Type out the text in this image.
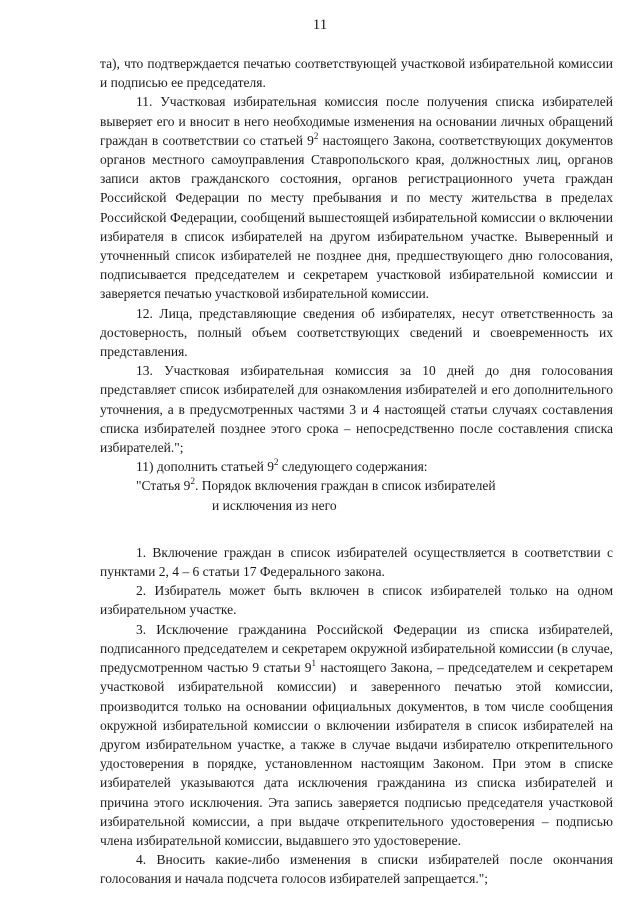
11

та), что подтверждается печатью соответствующей участковой избирательной комиссии и подписью ее председателя.

11. Участковая избирательная комиссия после получения списка избирателей выверяет его и вносит в него необходимые изменения на основании личных обращений граждан в соответствии со статьей $9^2$ настоящего Закона, соответствующих документов органов местного самоуправления Ставропольского края, должностных лиц, органов записи актов гражданского состояния, органов регистрационного учета граждан Российской Федерации по месту пребывания и по месту жительства в пределах Российской Федерации, сообщений вышестоящей избирательной комиссии о включении избирателя в список избирателей на другом избирательном участке. Выверенный и уточненный список избирателей не позднее дня, предшествующего дню голосования, подписывается председателем и секретарем участковой избирательной комиссии и заверяется печатью участковой избирательной комиссии.

12. Лица, представляющие сведения об избирателях, несут ответственность за достоверность, полный объем соответствующих сведений и своевременность их представления.

13. Участковая избирательная комиссия за 10 дней до дня голосования представляет список избирателей для ознакомления избирателей и его дополнительного уточнения, а в предусмотренных частями 3 и 4 настоящей статьи случаях составления списка избирателей позднее этого срока – непосредственно после составления списка избирателей.";

11) дополнить статьей $9^2$ следующего содержания:

"Статья $9^2$. Порядок включения граждан в список избирателей
и исключения из него

1. Включение граждан в список избирателей осуществляется в соответствии с пунктами 2, 4 – 6 статьи 17 Федерального закона.

2. Избиратель может быть включен в список избирателей только на одном избирательном участке.

3. Исключение гражданина Российской Федерации из списка избирателей, подписанного председателем и секретарем окружной избирательной комиссии (в случае, предусмотренном частью 9 статьи $9^1$ настоящего Закона, – председателем и секретарем участковой избирательной комиссии) и заверенного печатью этой комиссии, производится только на основании официальных документов, в том числе сообщения окружной избирательной комиссии о включении избирателя в список избирателей на другом избирательном участке, а также в случае выдачи избирателю открепительного удостоверения в порядке, установленном настоящим Законом. При этом в списке избирателей указываются дата исключения гражданина из списка избирателей и причина этого исключения. Эта запись заверяется подписью председателя участковой избирательной комиссии, а при выдаче открепительного удостоверения – подписью члена избирательной комиссии, выдавшего это удостоверение.

4. Вносить какие-либо изменения в списки избирателей после окончания голосования и начала подсчета голосов избирателей запрещается.";
